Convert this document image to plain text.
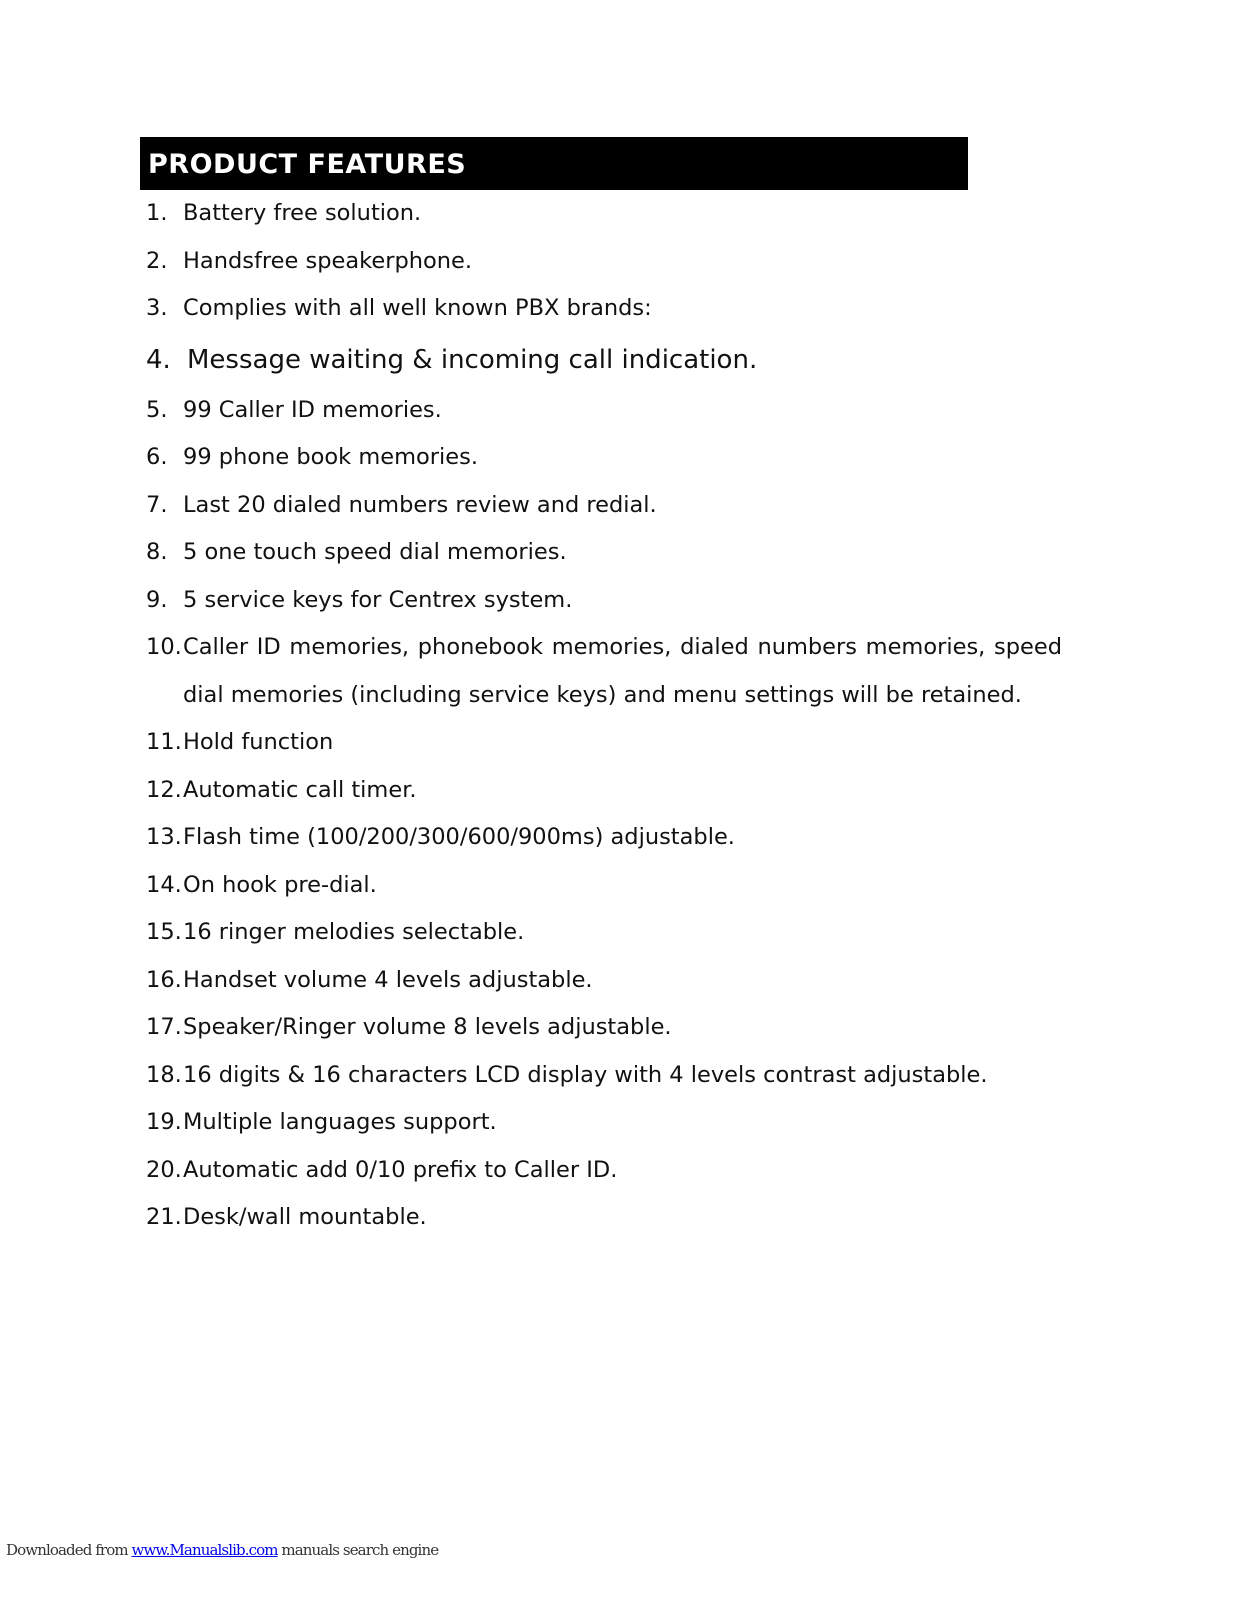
PRODUCT FEATURES
1. Battery free solution.
2. Handsfree speakerphone.
3. Complies with all well known PBX brands:
4. Message waiting & incoming call indication.
5. 99 Caller ID memories.
6. 99 phone book memories.
7. Last 20 dialed numbers review and redial.
8. 5 one touch speed dial memories.
9. 5 service keys for Centrex system.
10. Caller ID memories, phonebook memories, dialed numbers memories, speed dial memories (including service keys) and menu settings will be retained.
11. Hold function
12. Automatic call timer.
13. Flash time (100/200/300/600/900ms) adjustable.
14. On hook pre-dial.
15. 16 ringer melodies selectable.
16. Handset volume 4 levels adjustable.
17. Speaker/Ringer volume 8 levels adjustable.
18. 16 digits & 16 characters LCD display with 4 levels contrast adjustable.
19. Multiple languages support.
20. Automatic add 0/10 prefix to Caller ID.
21. Desk/wall mountable.
Downloaded from www.Manualslib.com manuals search engine
